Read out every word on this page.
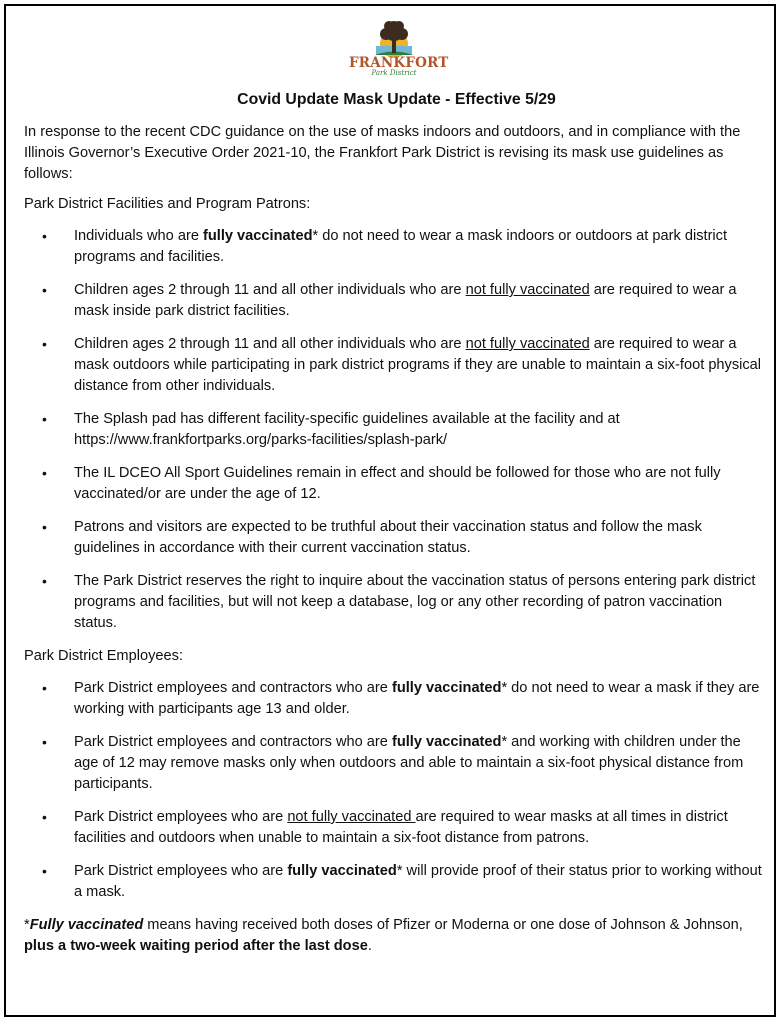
FRANKFORT
Park District
Covid Update Mask Update - Effective 5/29

In response to the recent CDC guidance on the use of masks indoors and outdoors, and in compliance with the Illinois Governor’s Executive Order 2021-10, the Frankfort Park District is revising its mask use guidelines as follows:

Park District Facilities and Program Patrons:

• Individuals who are fully vaccinated* do not need to wear a mask indoors or outdoors at park district programs and facilities.
• Children ages 2 through 11 and all other individuals who are not fully vaccinated are required to wear a mask inside park district facilities.
• Children ages 2 through 11 and all other individuals who are not fully vaccinated are required to wear a mask outdoors while participating in park district programs if they are unable to maintain a six-foot physical distance from other individuals.
• The Splash pad has different facility-specific guidelines available at the facility and at https://www.frankfortparks.org/parks-facilities/splash-park/
• The IL DCEO All Sport Guidelines remain in effect and should be followed for those who are not fully vaccinated/or are under the age of 12.
• Patrons and visitors are expected to be truthful about their vaccination status and follow the mask guidelines in accordance with their current vaccination status.
• The Park District reserves the right to inquire about the vaccination status of persons entering park district programs and facilities, but will not keep a database, log or any other recording of patron vaccination status.

Park District Employees:

• Park District employees and contractors who are fully vaccinated* do not need to wear a mask if they are working with participants age 13 and older.
• Park District employees and contractors who are fully vaccinated* and working with children under the age of 12 may remove masks only when outdoors and able to maintain a six-foot physical distance from participants.
• Park District employees who are not fully vaccinated are required to wear masks at all times in district facilities and outdoors when unable to maintain a six-foot distance from patrons.
• Park District employees who are fully vaccinated* will provide proof of their status prior to working without a mask.

*Fully vaccinated means having received both doses of Pfizer or Moderna or one dose of Johnson & Johnson, plus a two-week waiting period after the last dose.
